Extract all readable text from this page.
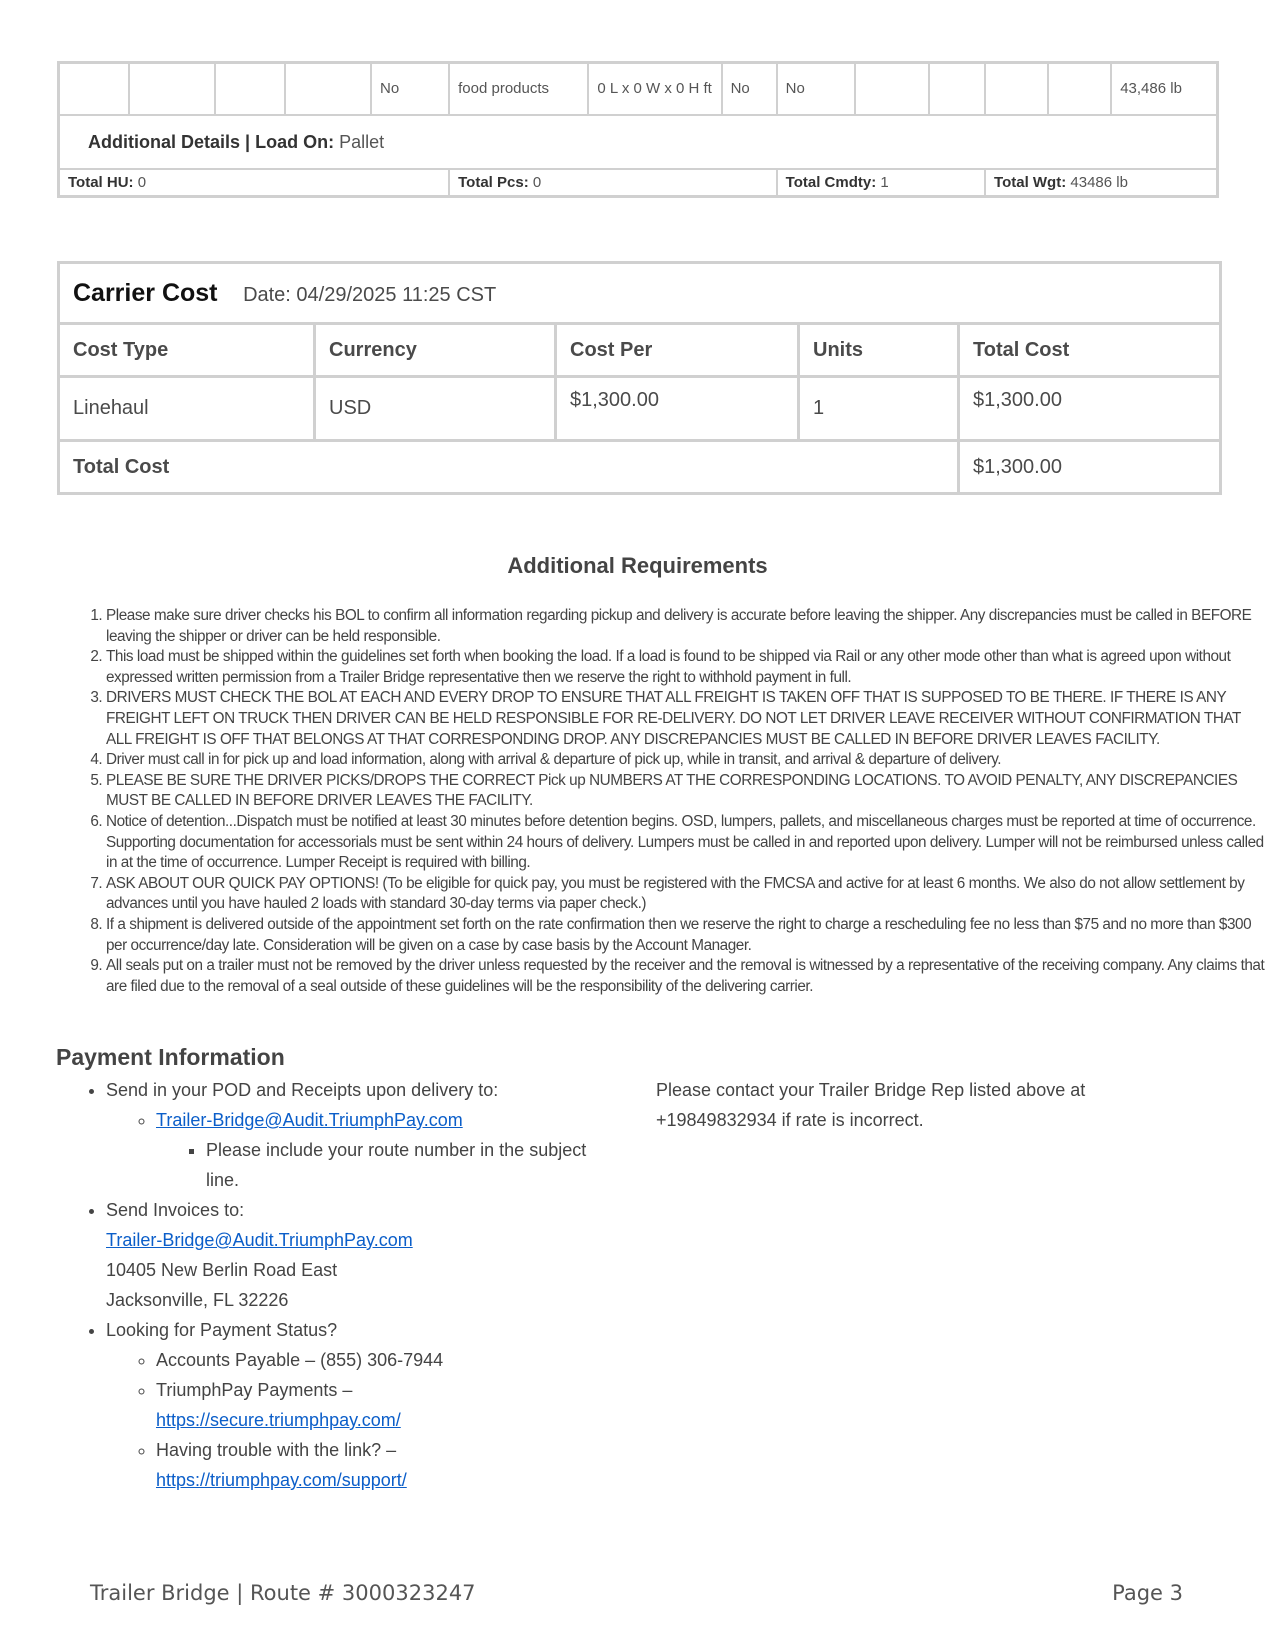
				No	food products	0 L x 0 W x 0 H ft	No	No					43,486 lb
Additional Details | Load On: Pallet													
Total HU: 0					Total Pcs: 0			Total Cmdty: 1			Total Wgt: 43486 lb		
Carrier Cost Date: 04/29/2025 11:25 CST				
Cost Type	Currency	Cost Per	Units	Total Cost
Linehaul	USD	$1,300.00	1	$1,300.00
Total Cost				$1,300.00
Additional Requirements
1. Please make sure driver checks his BOL to confirm all information regarding pickup and delivery is accurate before leaving the shipper. Any discrepancies must be called in BEFORE leaving the shipper or driver can be held responsible.
2. This load must be shipped within the guidelines set forth when booking the load. If a load is found to be shipped via Rail or any other mode other than what is agreed upon without expressed written permission from a Trailer Bridge representative then we reserve the right to withhold payment in full.
3. DRIVERS MUST CHECK THE BOL AT EACH AND EVERY DROP TO ENSURE THAT ALL FREIGHT IS TAKEN OFF THAT IS SUPPOSED TO BE THERE. IF THERE IS ANY FREIGHT LEFT ON TRUCK THEN DRIVER CAN BE HELD RESPONSIBLE FOR RE-DELIVERY. DO NOT LET DRIVER LEAVE RECEIVER WITHOUT CONFIRMATION THAT ALL FREIGHT IS OFF THAT BELONGS AT THAT CORRESPONDING DROP. ANY DISCREPANCIES MUST BE CALLED IN BEFORE DRIVER LEAVES FACILITY.
4. Driver must call in for pick up and load information, along with arrival & departure of pick up, while in transit, and arrival & departure of delivery.
5. PLEASE BE SURE THE DRIVER PICKS/DROPS THE CORRECT Pick up NUMBERS AT THE CORRESPONDING LOCATIONS. TO AVOID PENALTY, ANY DISCREPANCIES MUST BE CALLED IN BEFORE DRIVER LEAVES THE FACILITY.
6. Notice of detention...Dispatch must be notified at least 30 minutes before detention begins. OSD, lumpers, pallets, and miscellaneous charges must be reported at time of occurrence. Supporting documentation for accessorials must be sent within 24 hours of delivery. Lumpers must be called in and reported upon delivery. Lumper will not be reimbursed unless called in at the time of occurrence. Lumper Receipt is required with billing.
7. ASK ABOUT OUR QUICK PAY OPTIONS! (To be eligible for quick pay, you must be registered with the FMCSA and active for at least 6 months. We also do not allow settlement by advances until you have hauled 2 loads with standard 30-day terms via paper check.)
8. If a shipment is delivered outside of the appointment set forth on the rate confirmation then we reserve the right to charge a rescheduling fee no less than $75 and no more than $300 per occurrence/day late. Consideration will be given on a case by case basis by the Account Manager.
9. All seals put on a trailer must not be removed by the driver unless requested by the receiver and the removal is witnessed by a representative of the receiving company. Any claims that are filed due to the removal of a seal outside of these guidelines will be the responsibility of the delivering carrier.
Payment Information
• Send in your POD and Receipts upon delivery to:
◦ Trailer-Bridge@Audit.TriumphPay.com
▪ Please include your route number in the subject line.
• Send Invoices to:
Trailer-Bridge@Audit.TriumphPay.com
10405 New Berlin Road East
Jacksonville, FL 32226
• Looking for Payment Status?
◦ Accounts Payable – (855) 306-7944
◦ TriumphPay Payments –
https://secure.triumphpay.com/
◦ Having trouble with the link? –
https://triumphpay.com/support/
Please contact your Trailer Bridge Rep listed above at
+19849832934 if rate is incorrect.
Trailer Bridge | Route # 3000323247	Page 3
